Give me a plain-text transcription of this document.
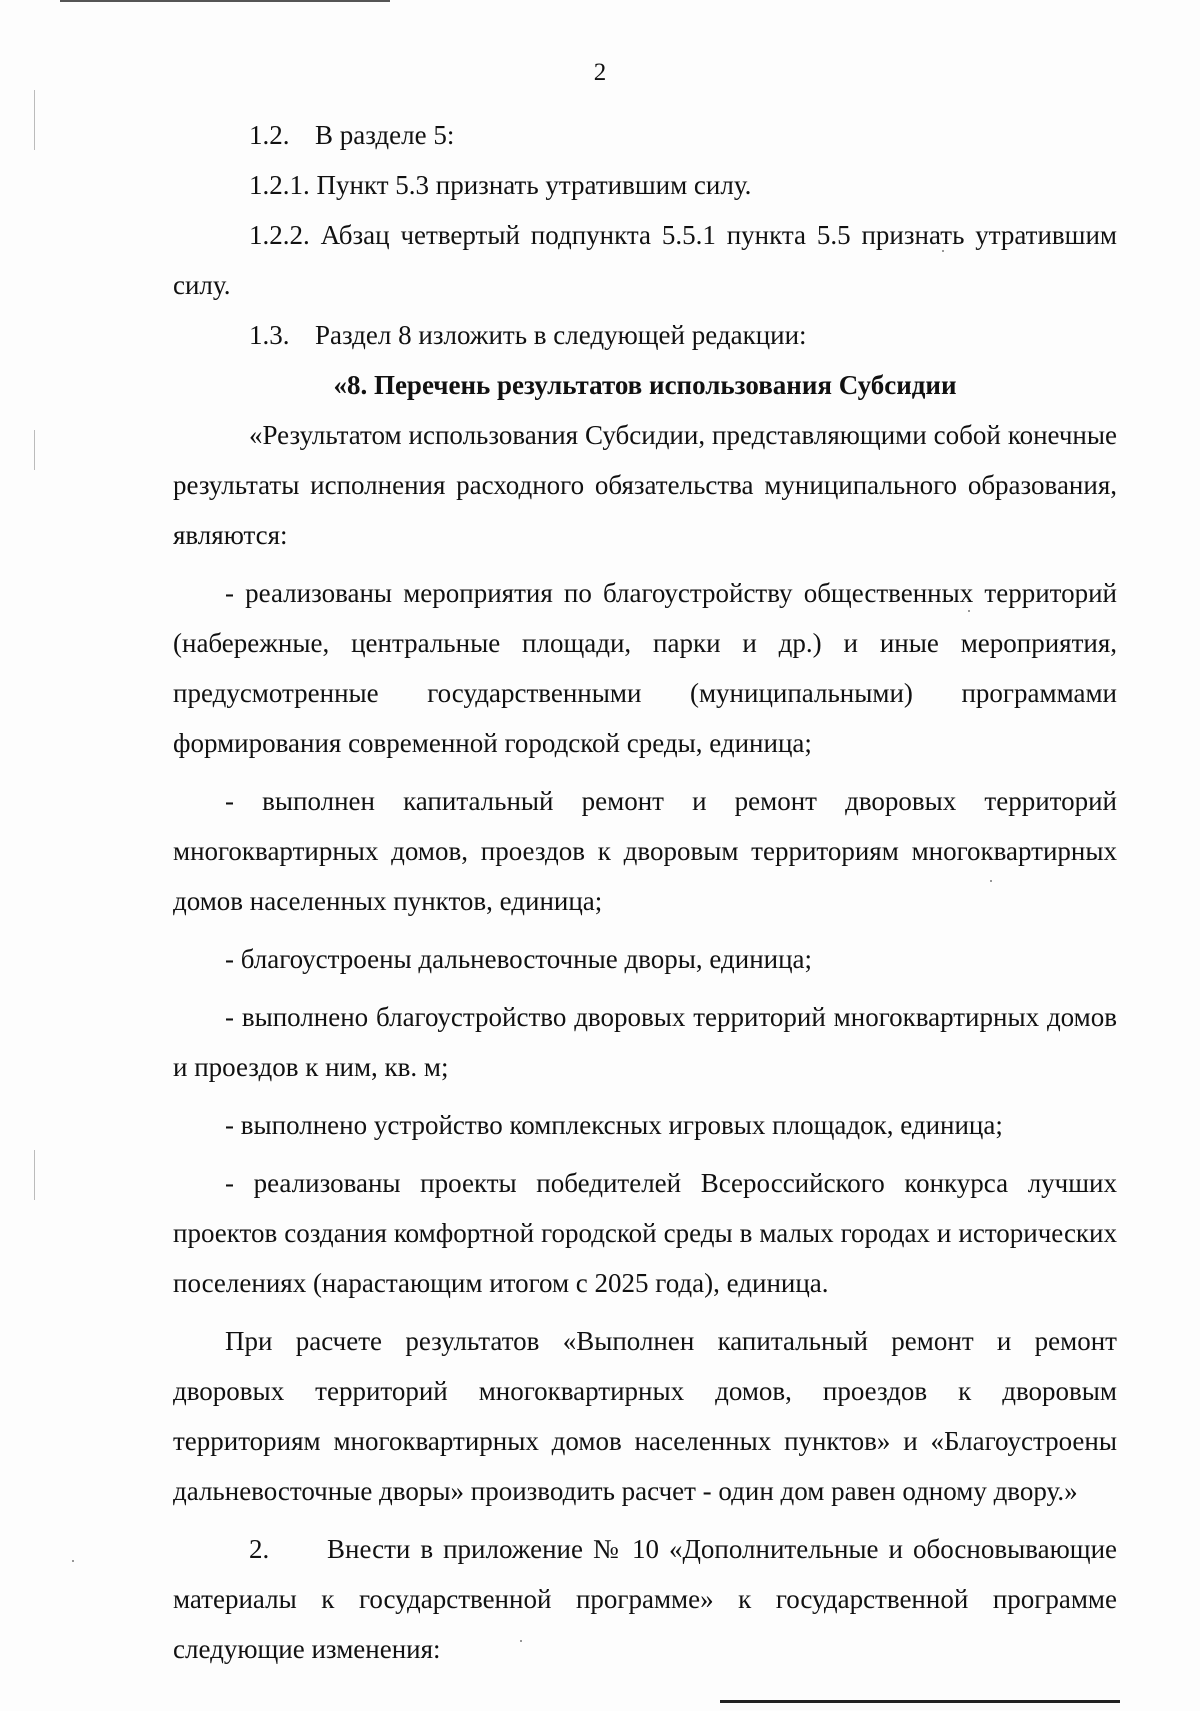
2

1.2. В разделе 5:

1.2.1. Пункт 5.3 признать утратившим силу.

1.2.2. Абзац четвертый подпункта 5.5.1 пункта 5.5 признать утратившим силу.

1.3. Раздел 8 изложить в следующей редакции:

«8. Перечень результатов использования Субсидии

«Результатом использования Субсидии, представляющими собой конечные результаты исполнения расходного обязательства муниципального образования, являются:

- реализованы мероприятия по благоустройству общественных территорий (набережные, центральные площади, парки и др.) и иные мероприятия, предусмотренные государственными (муниципальными) программами формирования современной городской среды, единица;

- выполнен капитальный ремонт и ремонт дворовых территорий многоквартирных домов, проездов к дворовым территориям многоквартирных домов населенных пунктов, единица;

- благоустроены дальневосточные дворы, единица;

- выполнено благоустройство дворовых территорий многоквартирных домов и проездов к ним, кв. м;

- выполнено устройство комплексных игровых площадок, единица;

- реализованы проекты победителей Всероссийского конкурса лучших проектов создания комфортной городской среды в малых городах и исторических поселениях (нарастающим итогом с 2025 года), единица.

При расчете результатов «Выполнен капитальный ремонт и ремонт дворовых территорий многоквартирных домов, проездов к дворовым территориям многоквартирных домов населенных пунктов» и «Благоустроены дальневосточные дворы» производить расчет - один дом равен одному двору.»

2. Внести в приложение № 10 «Дополнительные и обосновывающие материалы к государственной программе» к государственной программе следующие изменения:
